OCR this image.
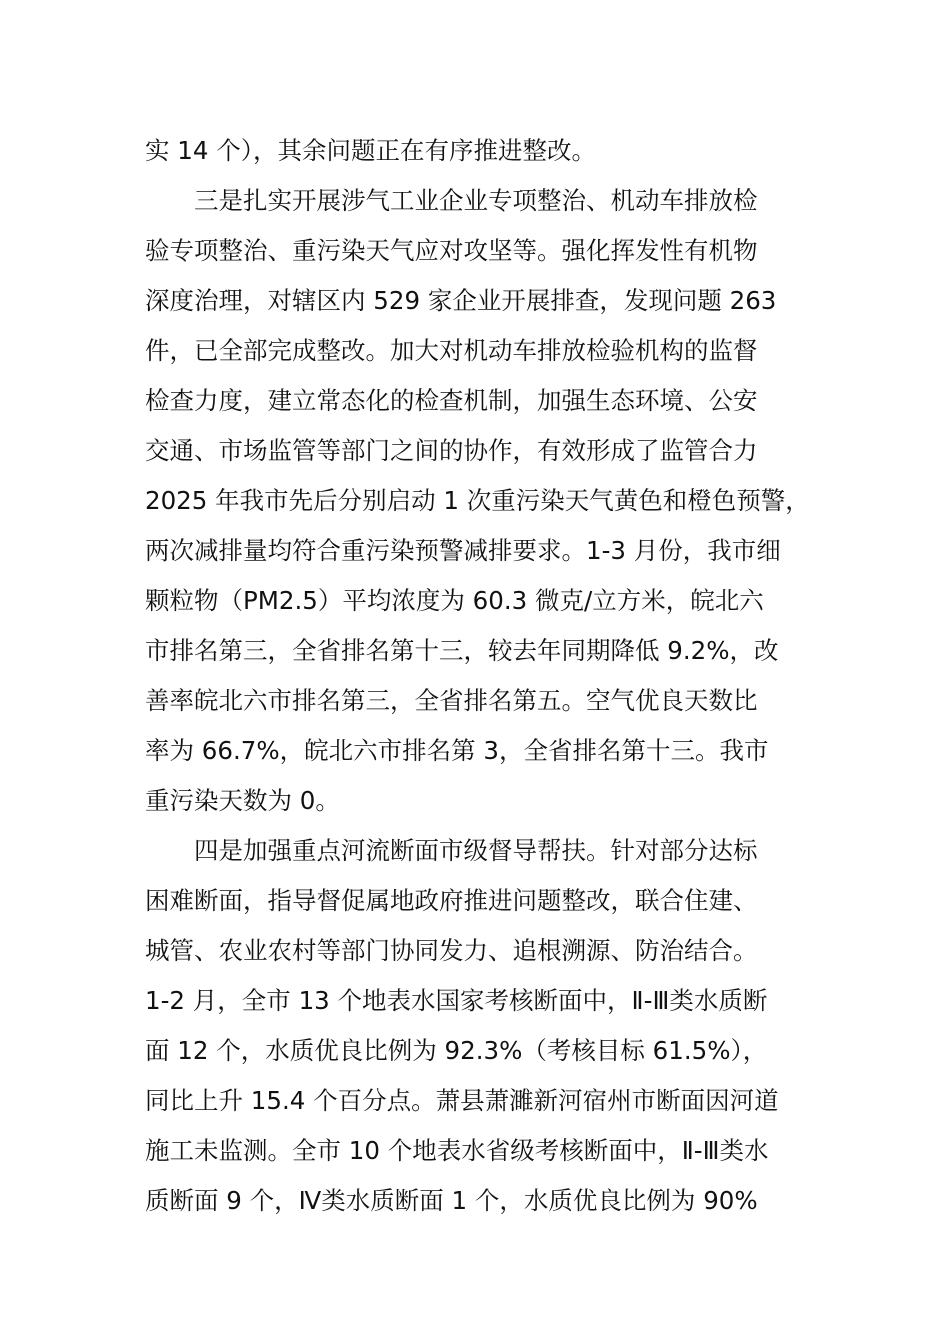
实 14 个），其余问题正在有序推进整改。

三是扎实开展涉气工业企业专项整治、机动车排放检

验专项整治、重污染天气应对攻坚等。强化挥发性有机物

深度治理，对辖区内 529 家企业开展排查，发现问题 263

件，已全部完成整改。加大对机动车排放检验机构的监督

检查力度，建立常态化的检查机制，加强生态环境、公安

交通、市场监管等部门之间的协作，有效形成了监管合力

2025 年我市先后分别启动 1 次重污染天气黄色和橙色预警，

两次减排量均符合重污染预警减排要求。1-3 月份，我市细

颗粒物（PM2.5）平均浓度为 60.3 微克/立方米，皖北六

市排名第三，全省排名第十三，较去年同期降低 9.2%，改

善率皖北六市排名第三，全省排名第五。空气优良天数比

率为 66.7%，皖北六市排名第 3，全省排名第十三。我市

重污染天数为 0。

四是加强重点河流断面市级督导帮扶。针对部分达标

困难断面，指导督促属地政府推进问题整改，联合住建、

城管、农业农村等部门协同发力、追根溯源、防治结合。

1-2 月，全市 13 个地表水国家考核断面中，Ⅱ-Ⅲ类水质断

面 12 个，水质优良比例为 92.3%（考核目标 61.5%），

同比上升 15.4 个百分点。萧县萧濉新河宿州市断面因河道

施工未监测。全市 10 个地表水省级考核断面中，Ⅱ-Ⅲ类水

质断面 9 个，Ⅳ类水质断面 1 个，水质优良比例为 90%
